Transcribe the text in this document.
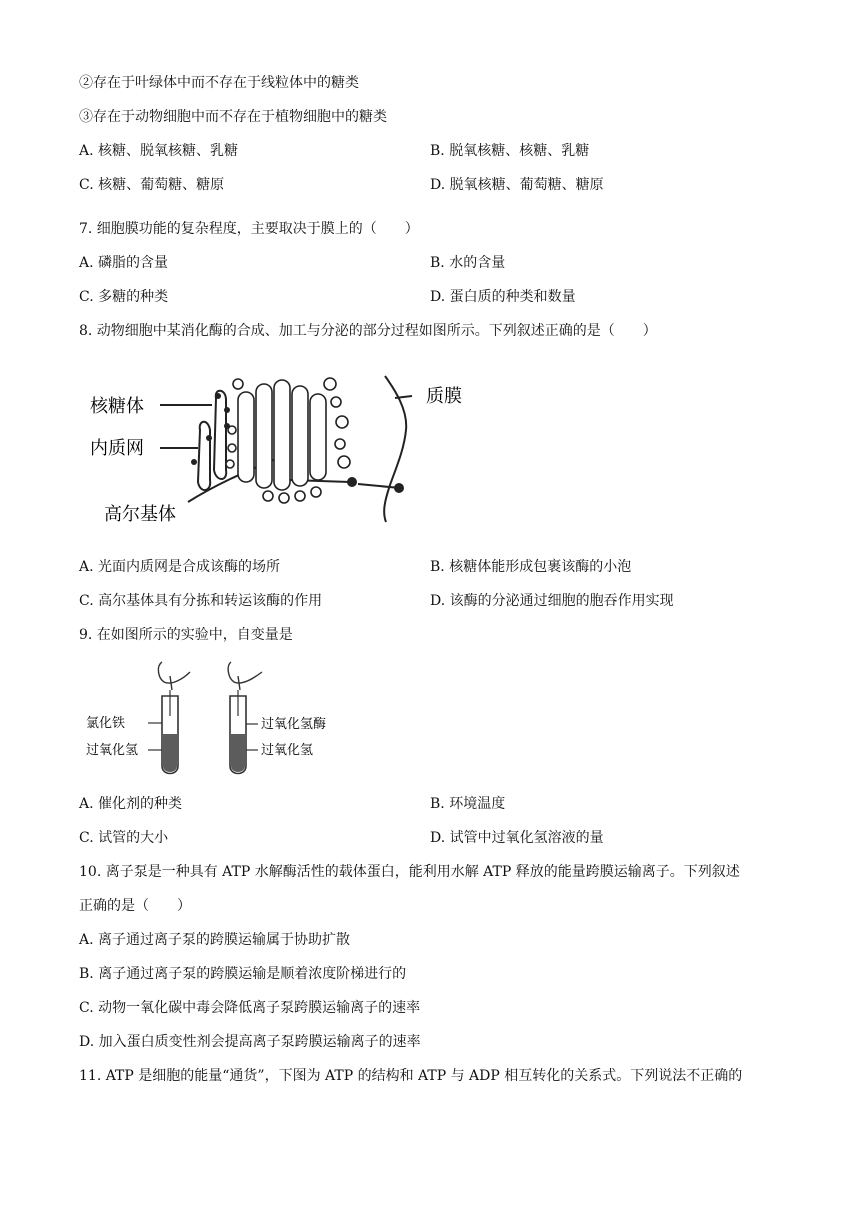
②存在于叶绿体中而不存在于线粒体中的糖类
③存在于动物细胞中而不存在于植物细胞中的糖类
A. 核糖、脱氧核糖、乳糖	B. 脱氧核糖、核糖、乳糖
C. 核糖、葡萄糖、糖原	D. 脱氧核糖、葡萄糖、糖原
7. 细胞膜功能的复杂程度，主要取决于膜上的（　　）
A. 磷脂的含量	B. 水的含量
C. 多糖的种类	D. 蛋白质的种类和数量
8. 动物细胞中某消化酶的合成、加工与分泌的部分过程如图所示。下列叙述正确的是（　　）
核糖体
内质网
高尔基体
质膜
A. 光面内质网是合成该酶的场所	B. 核糖体能形成包裹该酶的小泡
C. 高尔基体具有分拣和转运该酶的作用	D. 该酶的分泌通过细胞的胞吞作用实现
9. 在如图所示的实验中，自变量是
氯化铁
过氧化氢
过氧化氢酶
过氧化氢
A. 催化剂的种类	B. 环境温度
C. 试管的大小	D. 试管中过氧化氢溶液的量
10. 离子泵是一种具有 ATP 水解酶活性的载体蛋白，能利用水解 ATP 释放的能量跨膜运输离子。下列叙述
正确的是（　　）
A. 离子通过离子泵的跨膜运输属于协助扩散
B. 离子通过离子泵的跨膜运输是顺着浓度阶梯进行的
C. 动物一氧化碳中毒会降低离子泵跨膜运输离子的速率
D. 加入蛋白质变性剂会提高离子泵跨膜运输离子的速率
11. ATP 是细胞的能量“通货”，下图为 ATP 的结构和 ATP 与 ADP 相互转化的关系式。下列说法不正确的
